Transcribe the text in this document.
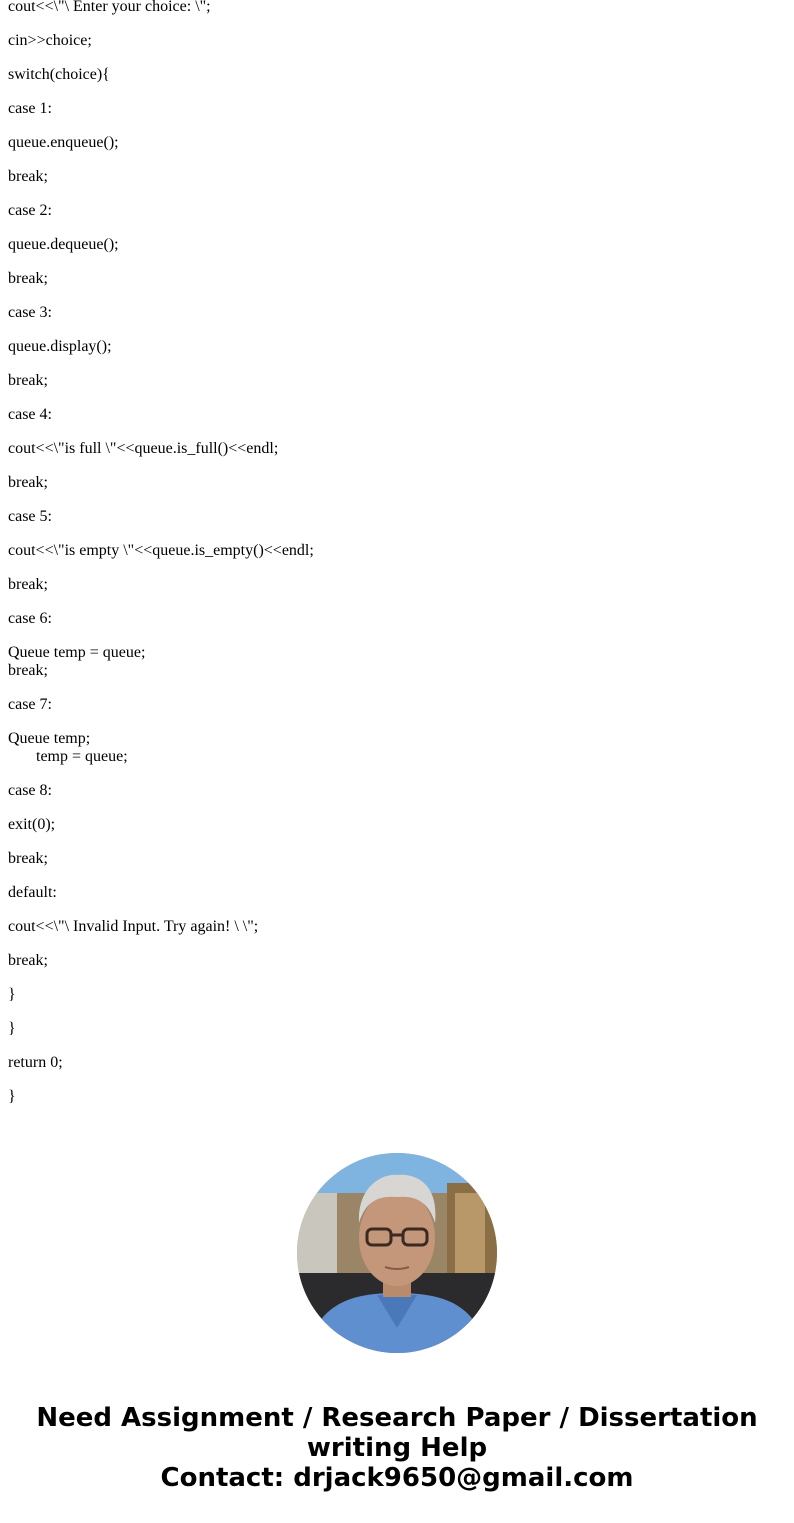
cout<<\"\ Enter your choice: \";

cin>>choice;

switch(choice){

case 1:

queue.enqueue();

break;

case 2:

queue.dequeue();

break;

case 3:

queue.display();

break;

case 4:

cout<<\"is full \"<<queue.is_full()<<endl;

break;

case 5:

cout<<\"is empty \"<<queue.is_empty()<<endl;

break;

case 6:

Queue temp = queue;
break;

case 7:

Queue temp;
temp = queue;

case 8:

exit(0);

break;

default:

cout<<\"\ Invalid Input. Try again! \ \";

break;

}

}

return 0;

}

Need Assignment / Research Paper / Dissertation
writing Help
Contact: drjack9650@gmail.com
